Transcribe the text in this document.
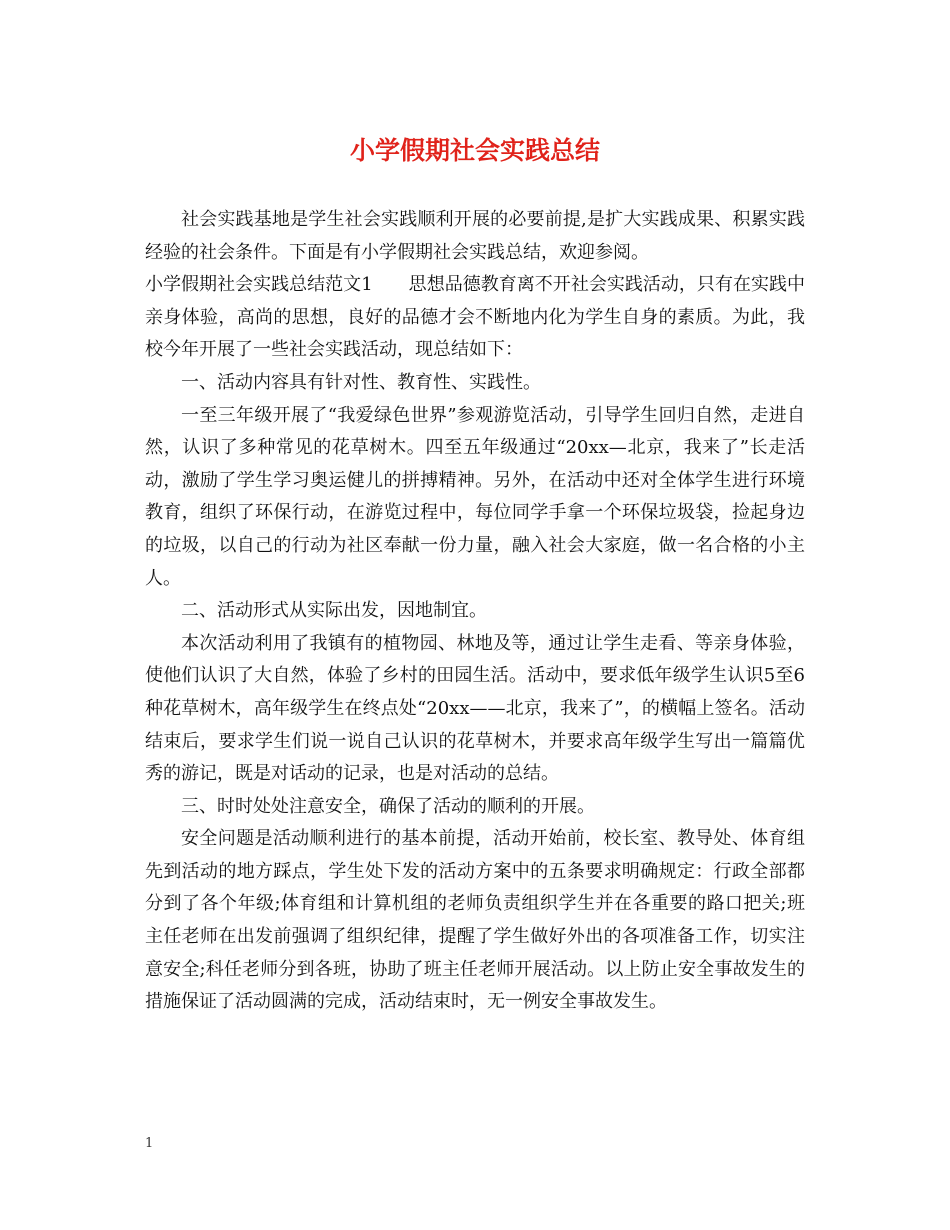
小学假期社会实践总结

社会实践基地是学生社会实践顺利开展的必要前提,是扩大实践成果、积累实践经验的社会条件。下面是有小学假期社会实践总结，欢迎参阅。

小学假期社会实践总结范文1 思想品德教育离不开社会实践活动，只有在实践中亲身体验，高尚的思想，良好的品德才会不断地内化为学生自身的素质。为此，我校今年开展了一些社会实践活动，现总结如下：

一、活动内容具有针对性、教育性、实践性。

一至三年级开展了“我爱绿色世界”参观游览活动，引导学生回归自然，走进自然，认识了多种常见的花草树木。四至五年级通过“20xx—北京，我来了”长走活动，激励了学生学习奥运健儿的拼搏精神。另外，在活动中还对全体学生进行环境教育，组织了环保行动，在游览过程中，每位同学手拿一个环保垃圾袋，捡起身边的垃圾，以自己的行动为社区奉献一份力量，融入社会大家庭，做一名合格的小主人。

二、活动形式从实际出发，因地制宜。

本次活动利用了我镇有的植物园、林地及等，通过让学生走看、等亲身体验，使他们认识了大自然，体验了乡村的田园生活。活动中，要求低年级学生认识5至6种花草树木，高年级学生在终点处“20xx——北京，我来了”，的横幅上签名。活动结束后，要求学生们说一说自己认识的花草树木，并要求高年级学生写出一篇篇优秀的游记，既是对话动的记录，也是对活动的总结。

三、时时处处注意安全，确保了活动的顺利的开展。

安全问题是活动顺利进行的基本前提，活动开始前，校长室、教导处、体育组先到活动的地方踩点，学生处下发的活动方案中的五条要求明确规定：行政全部都分到了各个年级;体育组和计算机组的老师负责组织学生并在各重要的路口把关;班主任老师在出发前强调了组织纪律，提醒了学生做好外出的各项准备工作，切实注意安全;科任老师分到各班，协助了班主任老师开展活动。以上防止安全事故发生的措施保证了活动圆满的完成，活动结束时，无一例安全事故发生。

1
